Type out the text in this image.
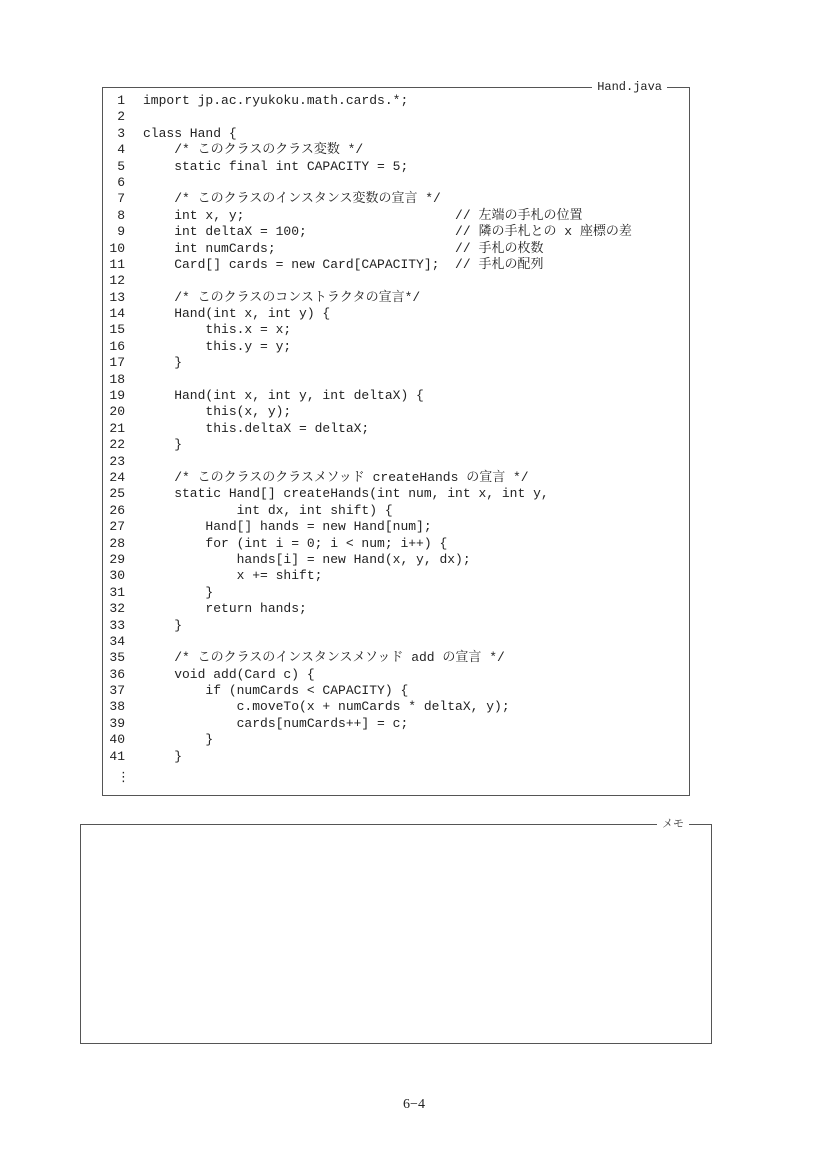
Hand.java
1 import jp.ac.ryukoku.math.cards.*;
2
3 class Hand {
4 /* このクラスのクラス変数 */
5 static final int CAPACITY = 5;
6
7 /* このクラスのインスタンス変数の宣言 */
8 int x, y;                           // 左端の手札の位置
9 int deltaX = 100;                   // 隣の手札との x 座標の差
10 int numCards;                       // 手札の枚数
11 Card[] cards = new Card[CAPACITY];  // 手札の配列
12
13 /* このクラスのコンストラクタの宣言*/
14 Hand(int x, int y) {
15 this.x = x;
16 this.y = y;
17 }
18
19 Hand(int x, int y, int deltaX) {
20 this(x, y);
21 this.deltaX = deltaX;
22 }
23
24 /* このクラスのクラスメソッド createHands の宣言 */
25 static Hand[] createHands(int num, int x, int y,
26 int dx, int shift) {
27 Hand[] hands = new Hand[num];
28 for (int i = 0; i < num; i++) {
29 hands[i] = new Hand(x, y, dx);
30 x += shift;
31 }
32 return hands;
33 }
34
35 /* このクラスのインスタンスメソッド add の宣言 */
36 void add(Card c) {
37 if (numCards < CAPACITY) {
38 c.moveTo(x + numCards * deltaX, y);
39 cards[numCards++] = c;
40 }
41 }
⋮
メモ
6−4
